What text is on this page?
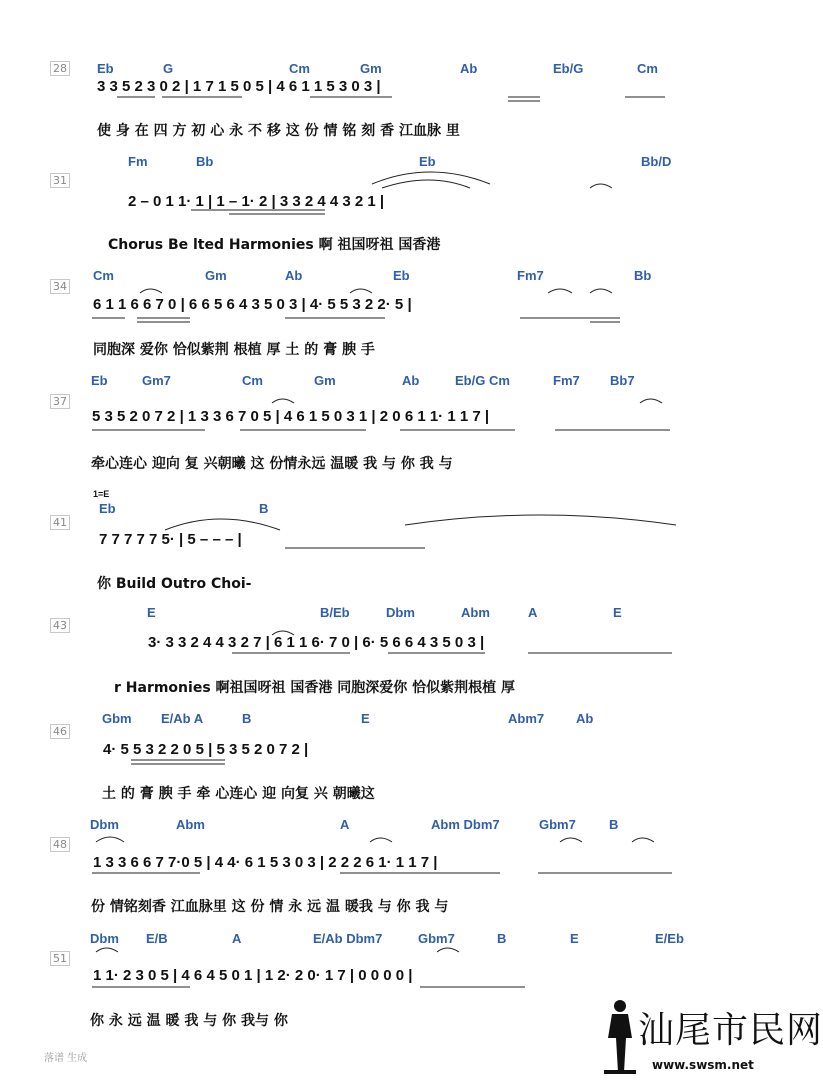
28 Eb	G	Cm	Gm	Ab	Eb/G	Cm
3 3 5 2 3 0 2 | 1 7 1 5 0 5 | 4 6 1 1 5 3 0 3 |
使 身 在 四 方 初 心 永 不 移 这 份 情 铭 刻 香 江血脉 里
31
Fm	Bb	Eb	Bb/D
2 – 0 1 1· 1 | 1 – 1· 2 | 3 3 2 4 4 3 2 1 |
Chorus Be lted Harmonies 啊 祖国呀祖 国香港
34
Cm	Gm	Ab	Eb	Fm7	Bb
6 1 1 6 6 7 0 | 6 6 5 6 4 3 5 0 3 | 4· 5 5 3 2 2· 5 |
同胞深 爱你 恰似紫荆 根植 厚 土 的 膏 腴 手
37
Eb	Gm7	Cm	Gm	Ab	Eb/G Cm	Fm7 Bb7
5 3 5 2 0 7 2 | 1 3 3 6 7 0 5 | 4 6 1 5 0 3 1 | 2 0 6 1 1· 1 1 7 |
牵心连心 迎向 复 兴朝曦 这 份情永远 温暖 我 与 你 我 与
1=E
41
Eb	B
7 7 7 7 7 5· | 5 – – – |
你 Build Outro Choi-
43
E	B/Eb	Dbm	Abm	A	E
3· 3 3 2 4 4 3 2 7 | 6 1 1 6· 7 0 | 6· 5 6 6 4 3 5 0 3 |
r Harmonies 啊祖国呀祖 国香港 同胞深爱你 恰似紫荆根植 厚
46
Gbm E/Ab A	B	E	Abm7 Ab
4· 5 5 3 2 2 0 5 | 5 3 5 2 0 7 2 |
土 的 膏 腴 手 牵 心连心 迎 向复 兴 朝曦这
48
Dbm	Abm	A	Abm Dbm7	Gbm7	B
1 3 3 6 6 7 7·0 5 | 4 4· 6 1 5 3 0 3 | 2 2 2 6 1· 1 1 7 |
份 情铭刻香 江血脉里 这 份 情 永 远 温 暖我 与 你 我 与
51
Dbm E/B	A	E/Ab Dbm7	Gbm7	B	E	E/Eb
1 1· 2 3 0 5 | 4 6 4 5 0 1 | 1 2· 2 0· 1 7 | 0 0 0 0 |
你 永 远 温 暖 我 与 你 我与 你
落谱 生成
汕尾市民网
www.swsm.net
